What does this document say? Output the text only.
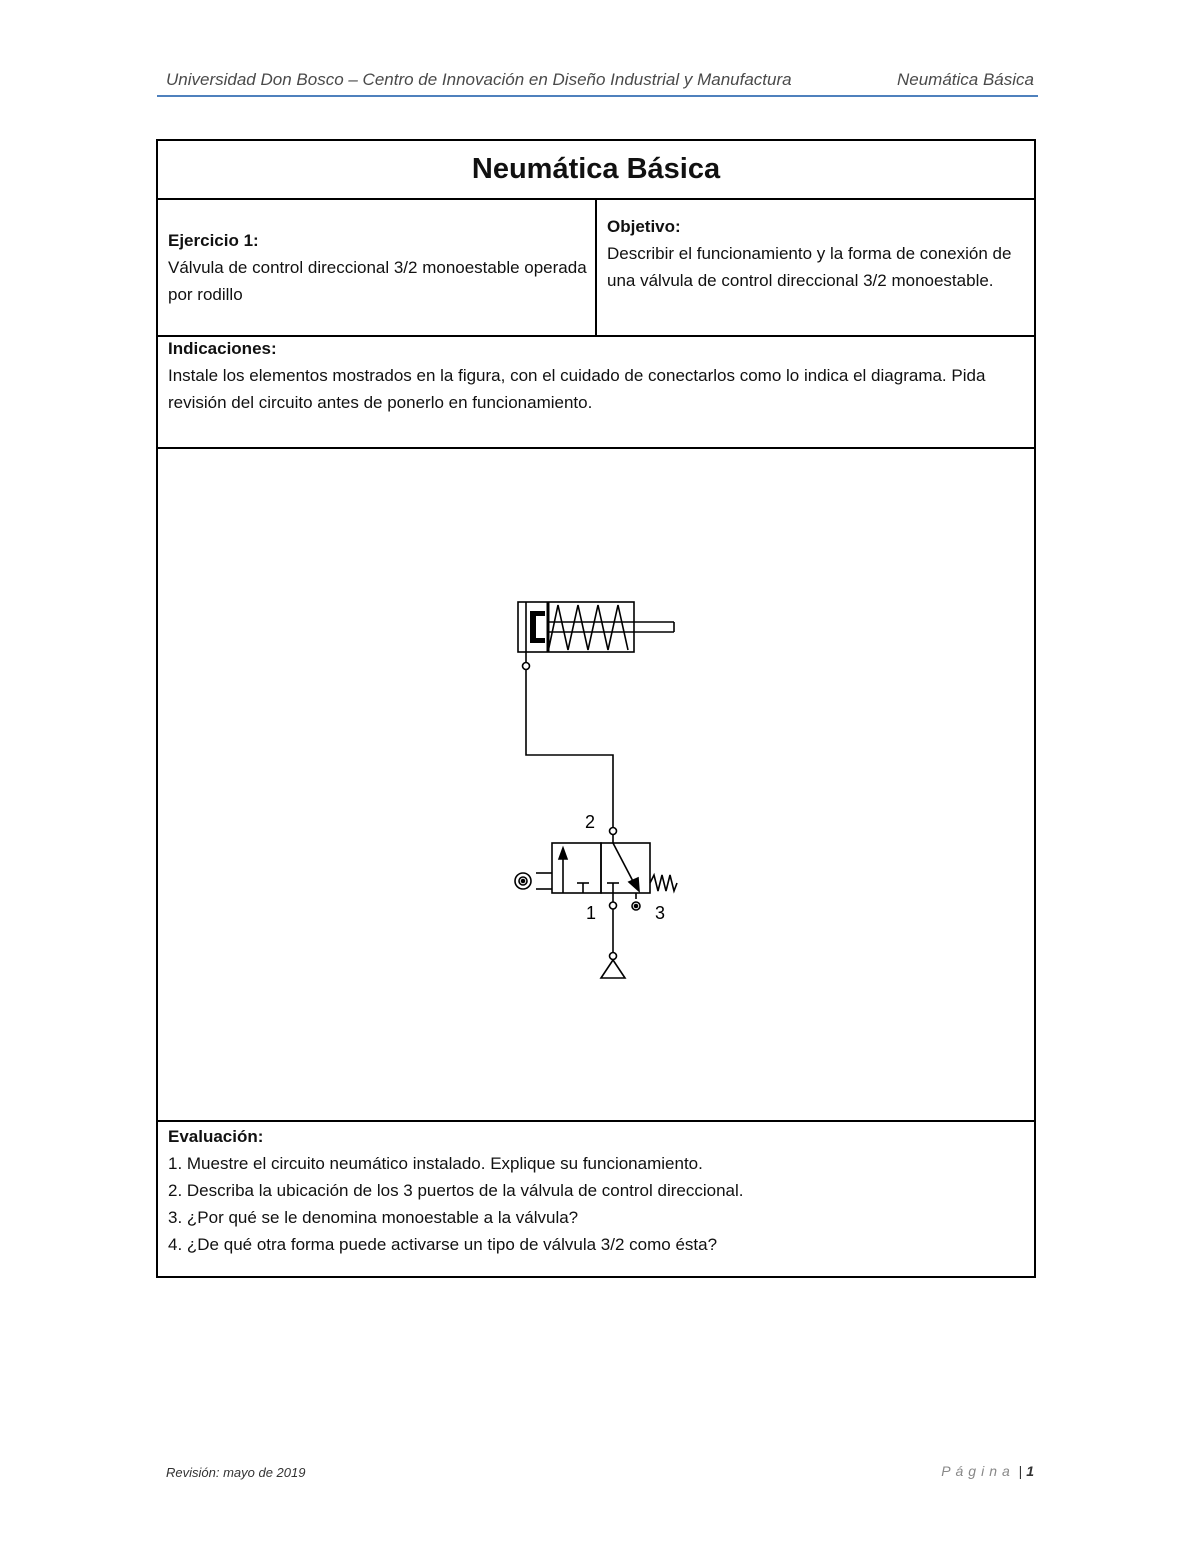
Universidad Don Bosco – Centro de Innovación en Diseño Industrial y Manufactura	Neumática Básica
Neumática Básica
Ejercicio 1:
Válvula de control direccional 3/2 monoestable operada por rodillo
Objetivo:
Describir el funcionamiento y la forma de conexión de una válvula de control direccional 3/2 monoestable.
Indicaciones:
Instale los elementos mostrados en la figura, con el cuidado de conectarlos como lo indica el diagrama. Pida revisión del circuito antes de ponerlo en funcionamiento.
2
1	3
Evaluación:
1. Muestre el circuito neumático instalado. Explique su funcionamiento.
2. Describa la ubicación de los 3 puertos de la válvula de control direccional.
3. ¿Por qué se le denomina monoestable a la válvula?
4. ¿De qué otra forma puede activarse un tipo de válvula 3/2 como ésta?
Revisión: mayo de 2019	Página | 1
